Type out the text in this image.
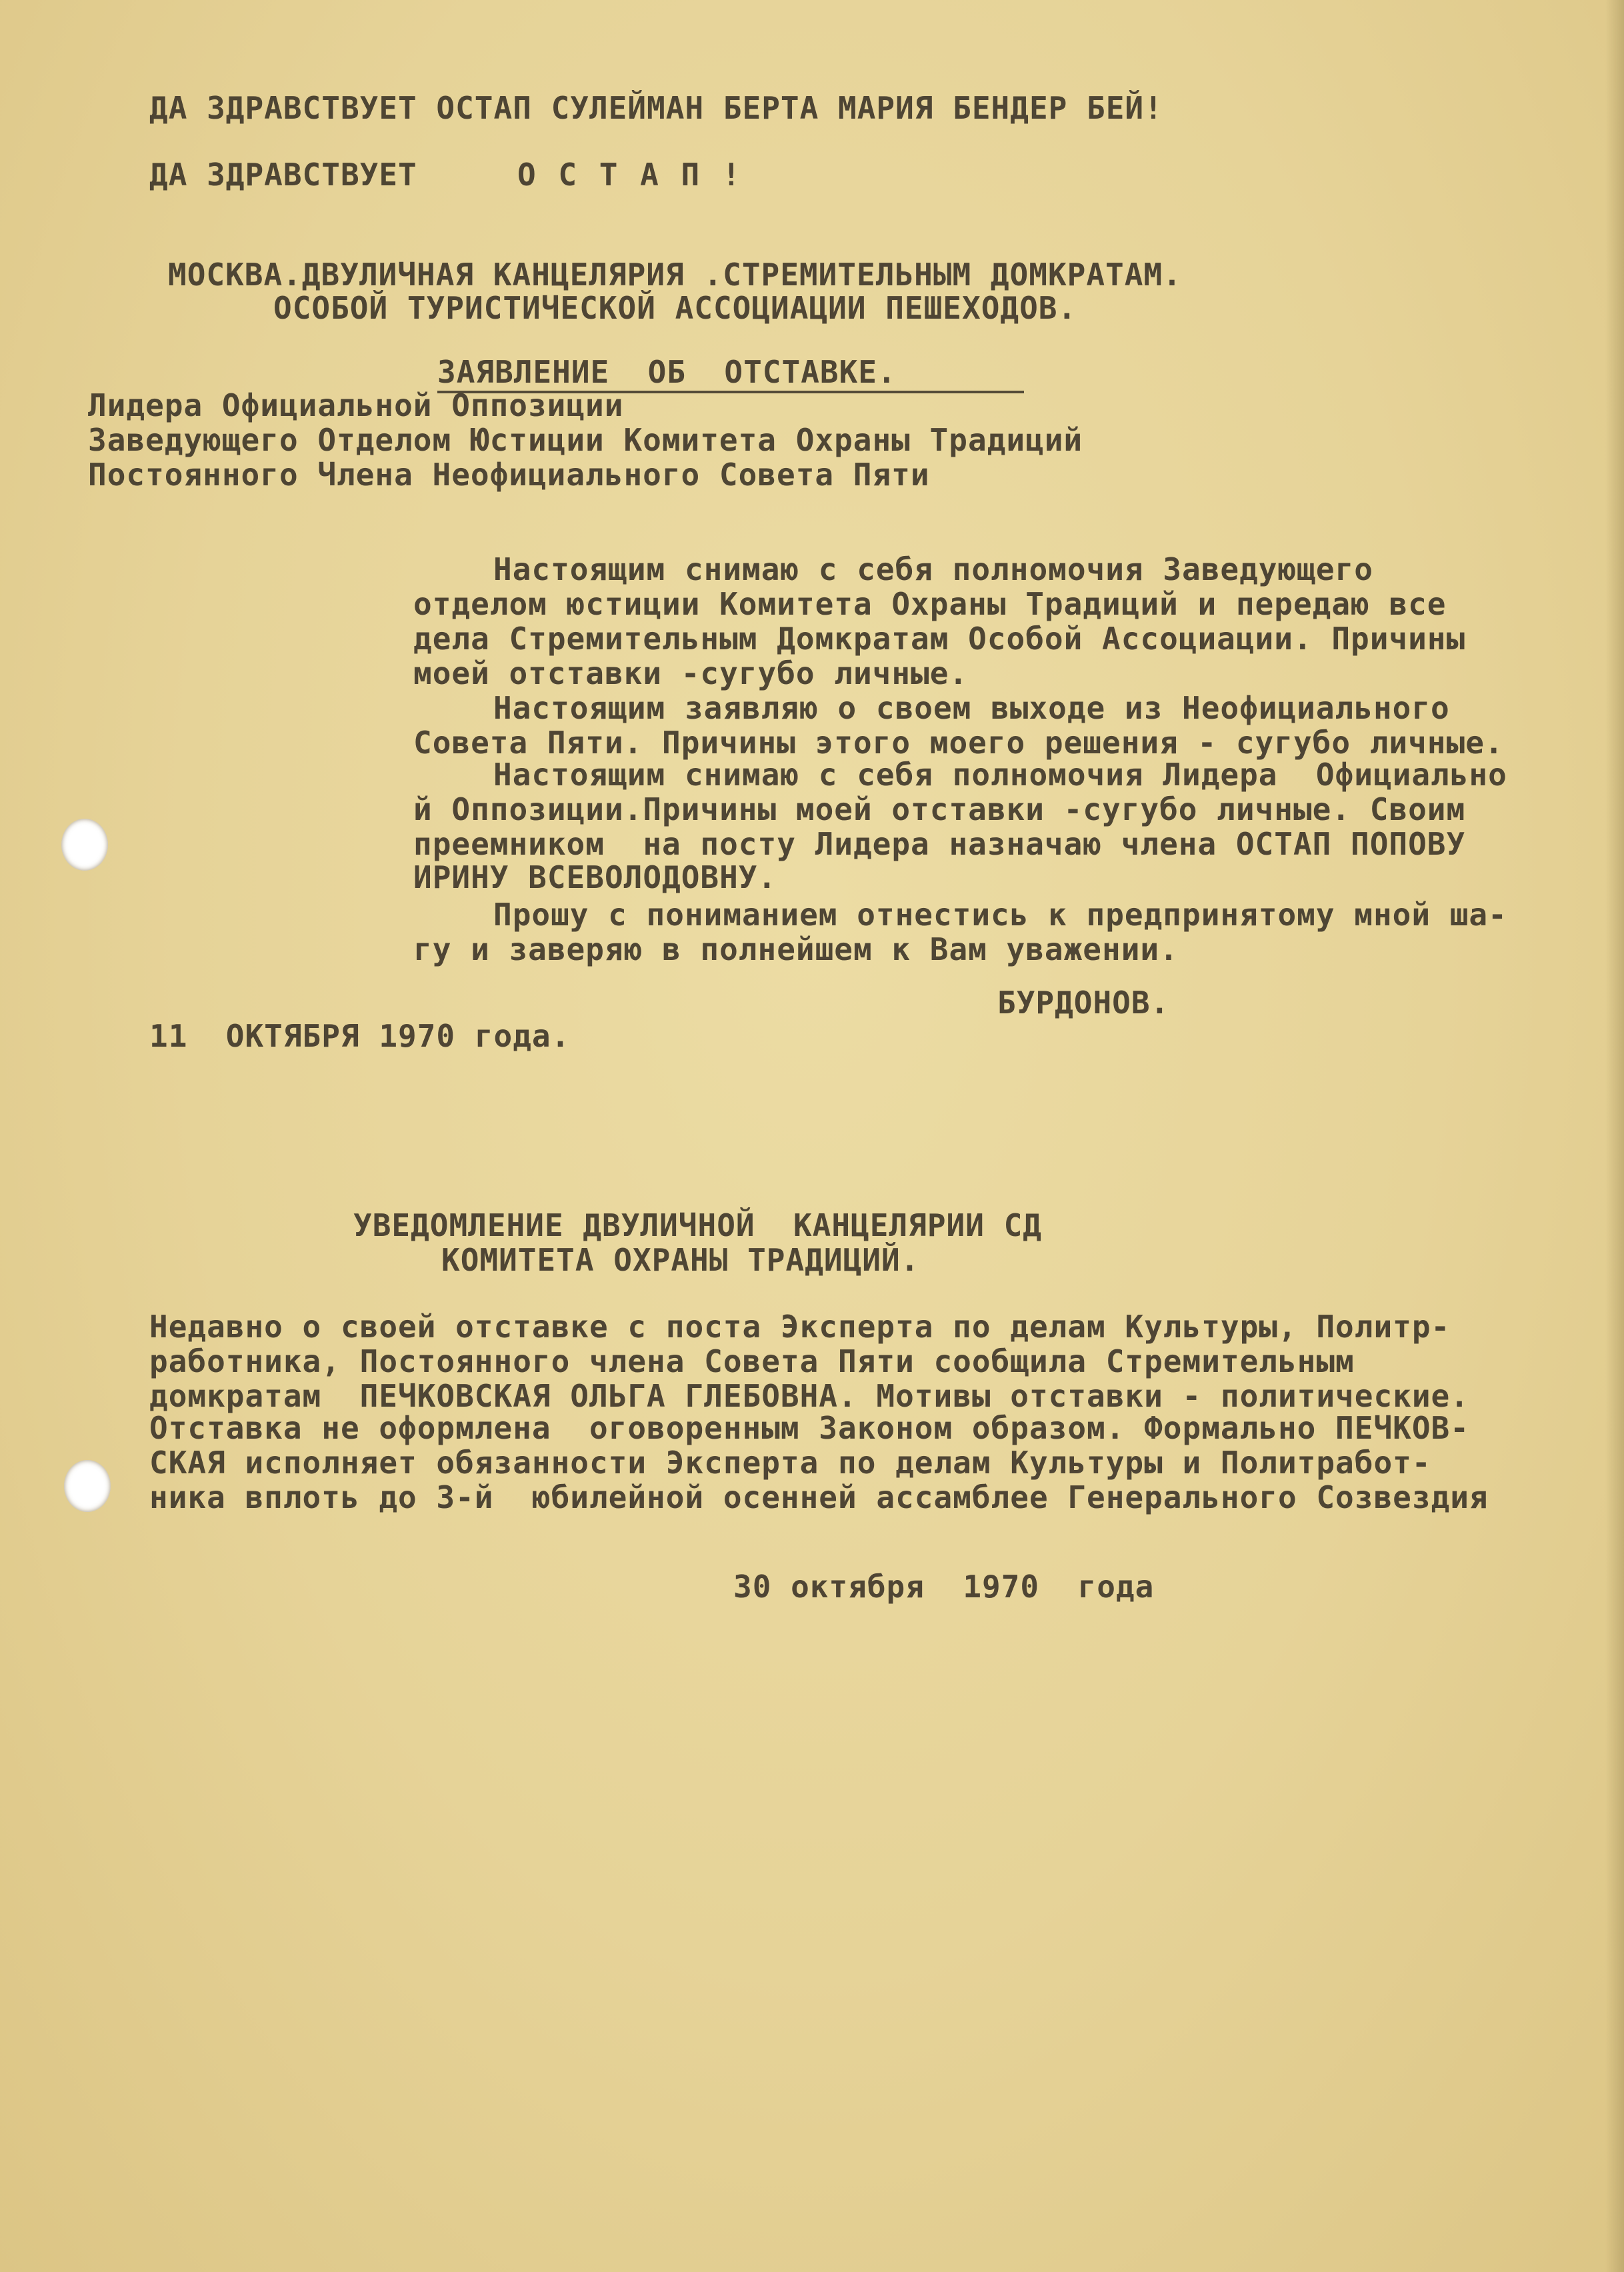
ДА ЗДРАВСТВУЕТ ОСТАП СУЛЕЙМАН БЕРТА МАРИЯ БЕНДЕР БЕЙ!
ДА ЗДРАВСТВУЕТ	О С Т А П !
МОСКВА.ДВУЛИЧНАЯ КАНЦЕЛЯРИЯ .СТРЕМИТЕЛЬНЫМ ДОМКРАТАМ.
ОСОБОЙ ТУРИСТИЧЕСКОЙ АССОЦИАЦИИ ПЕШЕХОДОВ.
ЗАЯВЛЕНИЕ  ОБ  ОТСТАВКЕ.
Лидера Официальной Оппозиции
Заведующего Отделом Юстиции Комитета Охраны Традиций
Постоянного Члена Неофициального Совета Пяти
Настоящим снимаю с себя полномочия Заведующего
отделом юстиции Комитета Охраны Традиций и передаю все
дела Стремительным Домкратам Особой Ассоциации. Причины
моей отставки -сугубо личные.
Настоящим заявляю о своем выходе из Неофициального
Совета Пяти. Причины этого моего решения - сугубо личные.
Настоящим снимаю с себя полномочия Лидера  Официально
й Оппозиции.Причины моей отставки -сугубо личные. Своим
преемником  на посту Лидера назначаю члена ОСТАП ПОПОВУ
ИРИНУ ВСЕВОЛОДОВНУ.
Прошу с пониманием отнестись к предпринятому мной ша-
гу и заверяю в полнейшем к Вам уважении.
БУРДОНОВ.
11  ОКТЯБРЯ 1970 года.
УВЕДОМЛЕНИЕ ДВУЛИЧНОЙ  КАНЦЕЛЯРИИ СД
КОМИТЕТА ОХРАНЫ ТРАДИЦИЙ.
Недавно о своей отставке с поста Эксперта по делам Культуры, Политр-
работника, Постоянного члена Совета Пяти сообщила Стремительным
домкратам  ПЕЧКОВСКАЯ ОЛЬГА ГЛЕБОВНА. Мотивы отставки - политические.
Отставка не оформлена  оговоренным Законом образом. Формально ПЕЧКОВ-
СКАЯ исполняет обязанности Эксперта по делам Культуры и Политработ-
ника вплоть до 3-й  юбилейной осенней ассамблее Генерального Созвездия
30 октября  1970  года
